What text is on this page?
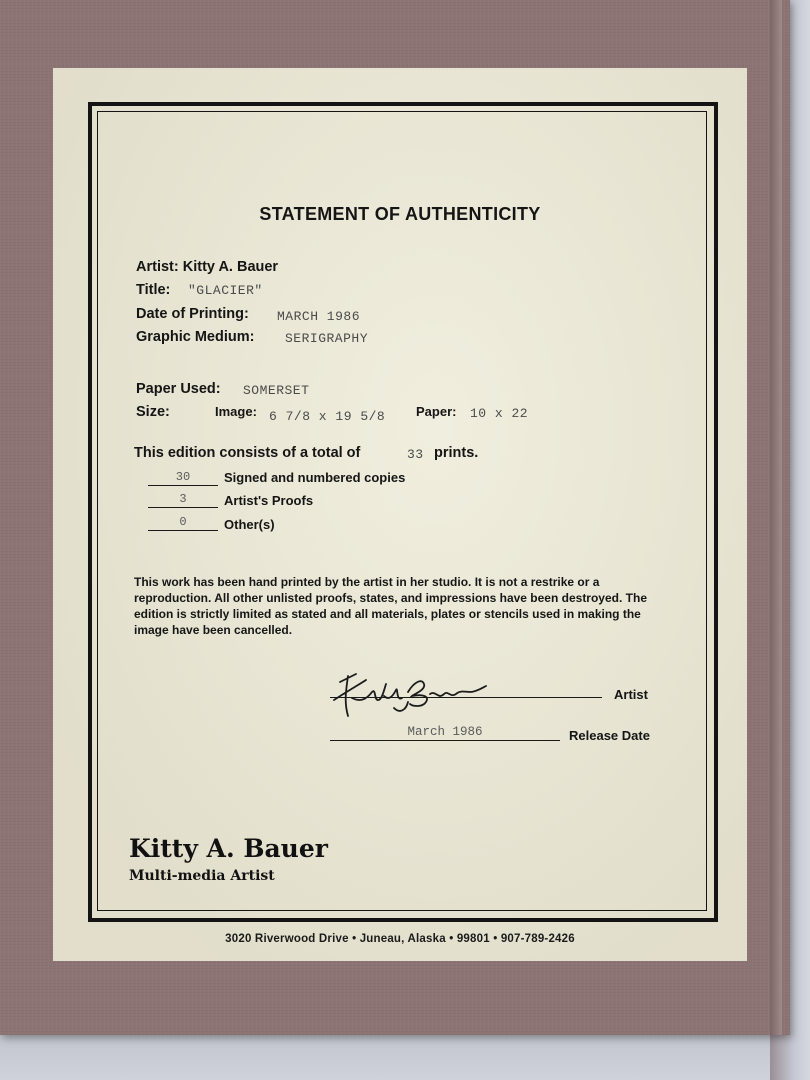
STATEMENT OF AUTHENTICITY
Artist: Kitty A. Bauer
Title: "GLACIER"
Date of Printing: MARCH 1986
Graphic Medium: SERIGRAPHY
Paper Used: SOMERSET
Size:	Image: 6 7/8 x 19 5/8 Paper: 10 x 22
This edition consists of a total of	33 prints.
30	Signed and numbered copies
3	Artist's Proofs
0	Other(s)
This work has been hand printed by the artist in her studio. It is not a restrike or a reproduction. All other unlisted proofs, states, and impressions have been destroyed. The edition is strictly limited as stated and all materials, plates or stencils used in making the image have been cancelled.
Artist
March 1986	Release Date
Kitty A. Bauer
Multi-media Artist
3020 Riverwood Drive • Juneau, Alaska • 99801 • 907-789-2426
